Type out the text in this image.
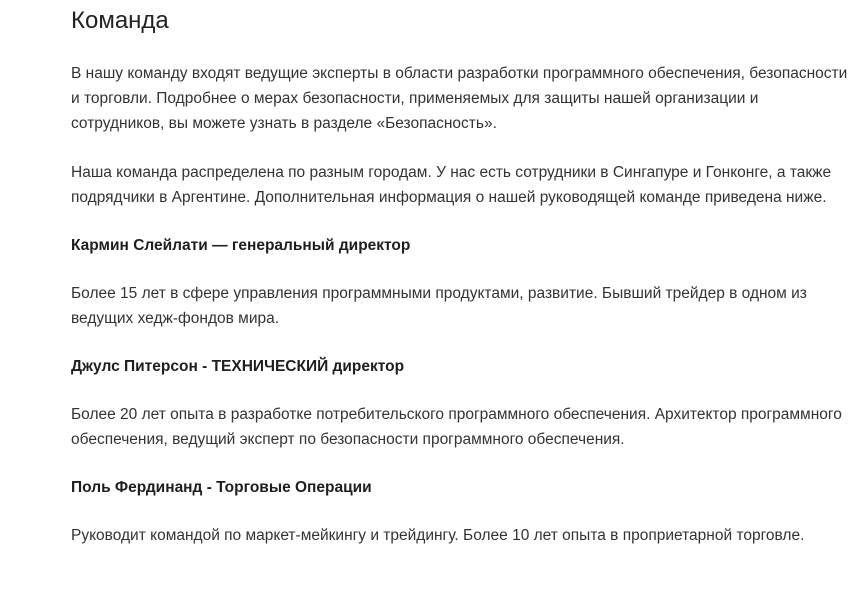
Команда

В нашу команду входят ведущие эксперты в области разработки программного обеспечения, безопасности и торговли. Подробнее о мерах безопасности, применяемых для защиты нашей организации и сотрудников, вы можете узнать в разделе «Безопасность».

Наша команда распределена по разным городам. У нас есть сотрудники в Сингапуре и Гонконге, а также подрядчики в Аргентине. Дополнительная информация о нашей руководящей команде приведена ниже.

Кармин Слейлати — генеральный директор

Более 15 лет в сфере управления программными продуктами, развитие. Бывший трейдер в одном из ведущих хедж-фондов мира.

Джулс Питерсон - ТЕХНИЧЕСКИЙ директор

Более 20 лет опыта в разработке потребительского программного обеспечения. Архитектор программного обеспечения, ведущий эксперт по безопасности программного обеспечения.

Поль Фердинанд - Торговые Операции

Руководит командой по маркет-мейкингу и трейдингу. Более 10 лет опыта в проприетарной торговле.
